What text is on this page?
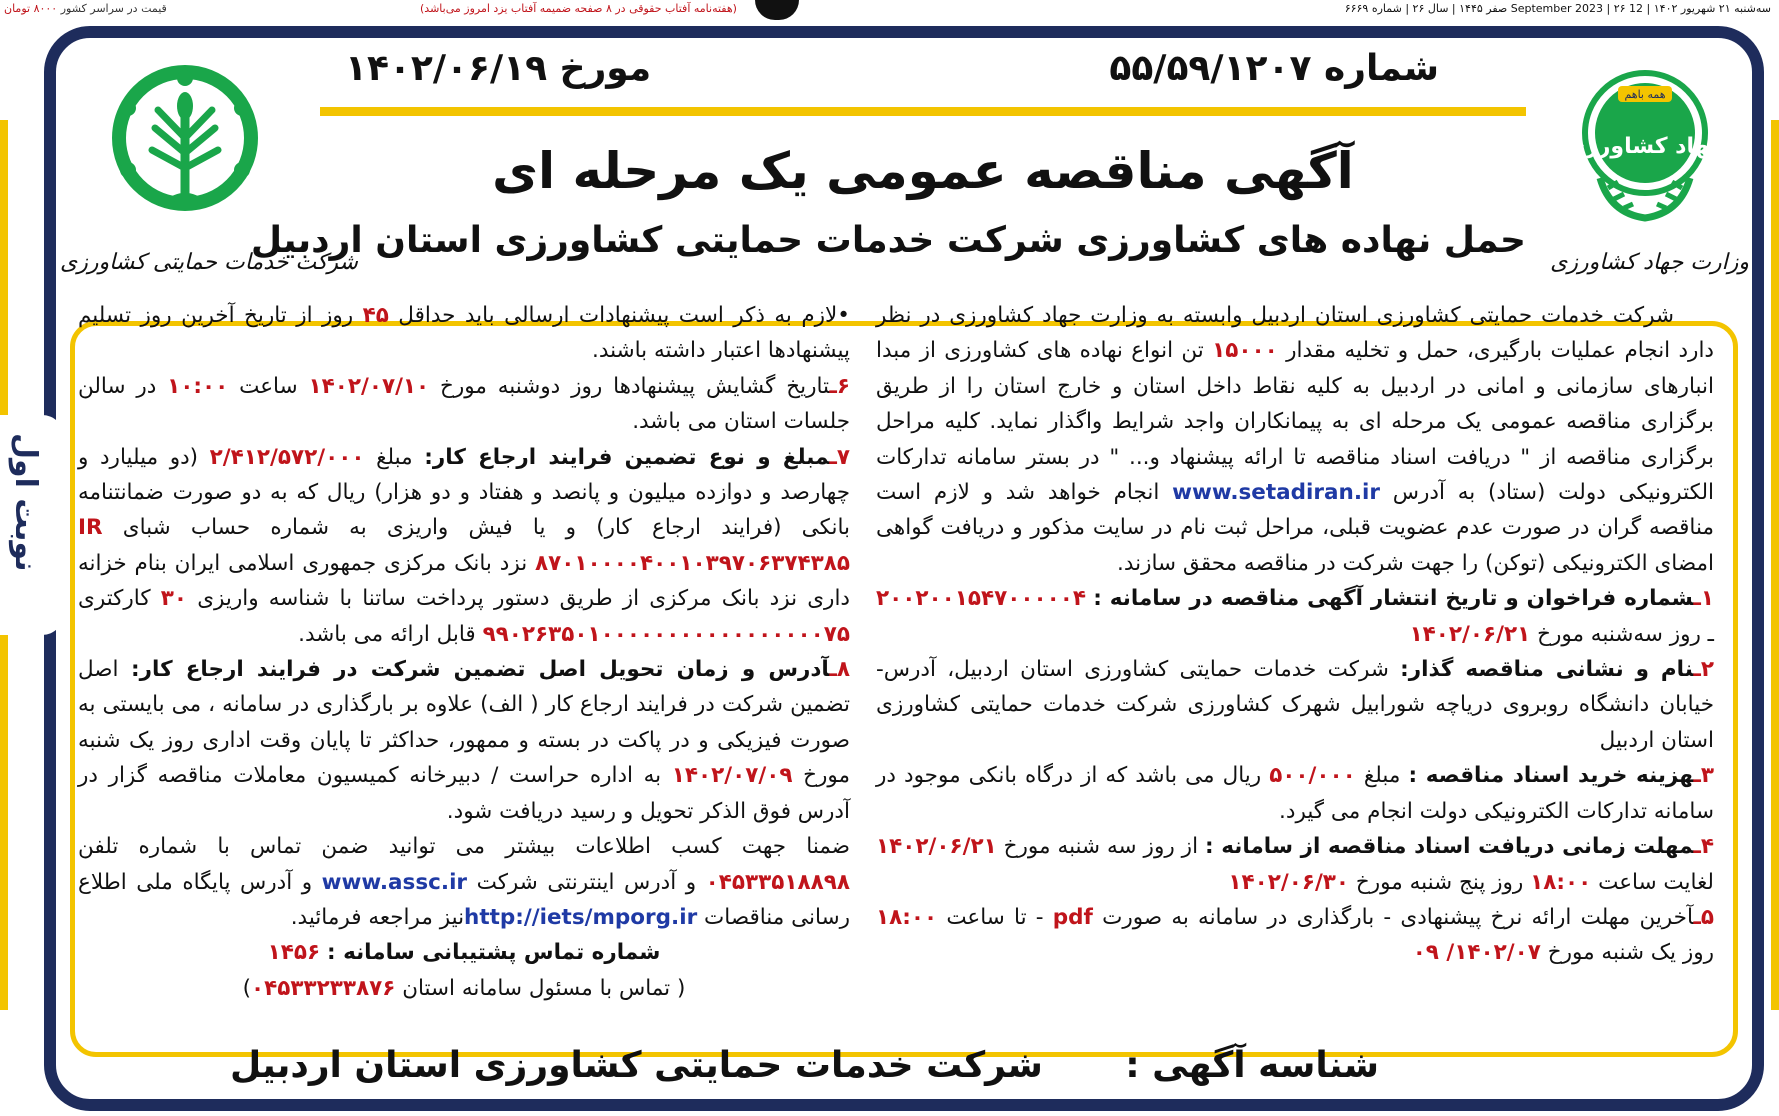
سه‌شنبه ۲۱ شهریور ۱۴۰۲ | 12 September 2023 | ۲۶ صفر ۱۴۴۵ | سال ۲۶ | شماره ۶۶۶۹
(هفته‌نامه آفتاب حقوقی در ۸ صفحه ضمیمه آفتاب یزد امروز می‌باشد)
قیمت در سراسر کشور ۸۰۰۰ تومان
همه باهم
جهاد کشاورزی
وزارت جهاد کشاورزی
شرکت خدمات حمایتی کشاورزی
شماره ۵۵/۵۹/۱۲۰۷
مورخ ۱۴۰۲/۰۶/۱۹
آگهی مناقصه عمومی یک مرحله ای
حمل نهاده های کشاورزی شرکت خدمات حمایتی کشاورزی استان اردبیل

شرکت خدمات حمایتی کشاورزی استان اردبیل وابسته به وزارت جهاد کشاورزی در نظر دارد انجام عملیات بارگیری، حمل و تخلیه مقدار ۱۵۰۰۰ تن انواع نهاده های کشاورزی از مبدا انبارهای سازمانی و امانی در اردبیل به کلیه نقاط داخل استان و خارج استان را از طریق برگزاری مناقصه عمومی یک مرحله ای به پیمانکاران واجد شرایط واگذار نماید. کلیه مراحل برگزاری مناقصه از " دریافت اسناد مناقصه تا ارائه پیشنهاد و... " در بستر سامانه تدارکات الکترونیکی دولت (ستاد) به آدرس www.setadiran.ir انجام خواهد شد و لازم است مناقصه گران در صورت عدم عضویت قبلی، مراحل ثبت نام در سایت مذکور و دریافت گواهی امضای الکترونیکی (توکن) را جهت شرکت در مناقصه محقق سازند.

۱ـشماره فراخوان و تاریخ انتشار آگهی مناقصه در سامانه : ۲۰۰۲۰۰۱۵۴۷۰۰۰۰۰۴ ـ روز سه‌شنبه مورخ ۱۴۰۲/۰۶/۲۱

۲ـنام و نشانی مناقصه گذار: شرکت خدمات حمایتی کشاورزی استان اردبیل، آدرس- خیابان دانشگاه روبروی دریاچه شورابیل شهرک کشاورزی شرکت خدمات حمایتی کشاورزی استان اردبیل

۳ـهزینه خرید اسناد مناقصه : مبلغ ۵۰۰/۰۰۰ ریال می باشد که از درگاه بانکی موجود در سامانه تدارکات الکترونیکی دولت انجام می گیرد.

۴ـمهلت زمانی دریافت اسناد مناقصه از سامانه : از روز سه شنبه مورخ ۱۴۰۲/۰۶/۲۱ لغایت ساعت ۱۸:۰۰ روز پنج شنبه مورخ ۱۴۰۲/۰۶/۳۰

۵ـآخرین مهلت ارائه نرخ پیشنهادی - بارگذاری در سامانه به صورت pdf - تا ساعت ۱۸:۰۰ روز یک شنبه مورخ ۱۴۰۲/۰۷/ ۰۹

•لازم به ذکر است پیشنهادات ارسالی باید حداقل ۴۵ روز از تاریخ آخرین روز تسلیم پیشنهادها اعتبار داشته باشند.

۶ـتاریخ گشایش پیشنهادها روز دوشنبه مورخ ۱۴۰۲/۰۷/۱۰ ساعت ۱۰:۰۰ در سالن جلسات استان می باشد.

۷ـمبلغ و نوع تضمین فرایند ارجاع کار: مبلغ ۲/۴۱۲/۵۷۲/۰۰۰ (دو میلیارد و چهارصد و دوازده میلیون و پانصد و هفتاد و دو هزار) ریال که به دو صورت ضمانتنامه بانکی (فرایند ارجاع کار) و یا فیش واریزی به شماره حساب شبای IR ۸۷۰۱۰۰۰۰۴۰۰۱۰۳۹۷۰۶۳۷۴۳۸۵ نزد بانک مرکزی جمهوری اسلامی ایران بنام خزانه داری نزد بانک مرکزی از طریق دستور پرداخت ساتنا با شناسه واریزی ۳۰ کارکتری ۹۹۰۲۶۳۵۰۱۰۰۰۰۰۰۰۰۰۰۰۰۰۰۰۰۰۷۵ قابل ارائه می باشد.

۸ـآدرس و زمان تحویل اصل تضمین شرکت در فرایند ارجاع کار: اصل تضمین شرکت در فرایند ارجاع کار ( الف) علاوه بر بارگذاری در سامانه ، می بایستی به صورت فیزیکی و در پاکت در بسته و ممهور، حداکثر تا پایان وقت اداری روز یک شنبه مورخ ۱۴۰۲/۰۷/۰۹ به اداره حراست / دبیرخانه کمیسیون معاملات مناقصه گزار در آدرس فوق الذکر تحویل و رسید دریافت شود.

ضمنا جهت کسب اطلاعات بیشتر می توانید ضمن تماس با شماره تلفن ۰۴۵۳۳۵۱۸۸۹۸ و آدرس اینترنتی شرکت www.assc.ir و آدرس پایگاه ملی اطلاع رسانی مناقصات http://iets/mporg.irنیز مراجعه فرمائید.

شماره تماس پشتیبانی سامانه : ۱۴۵۶

( تماس با مسئول سامانه استان ۰۴۵۳۳۲۳۳۸۷۶)

نوبت اول
شناسه آگهی :
شرکت خدمات حمایتی کشاورزی استان اردبیل
